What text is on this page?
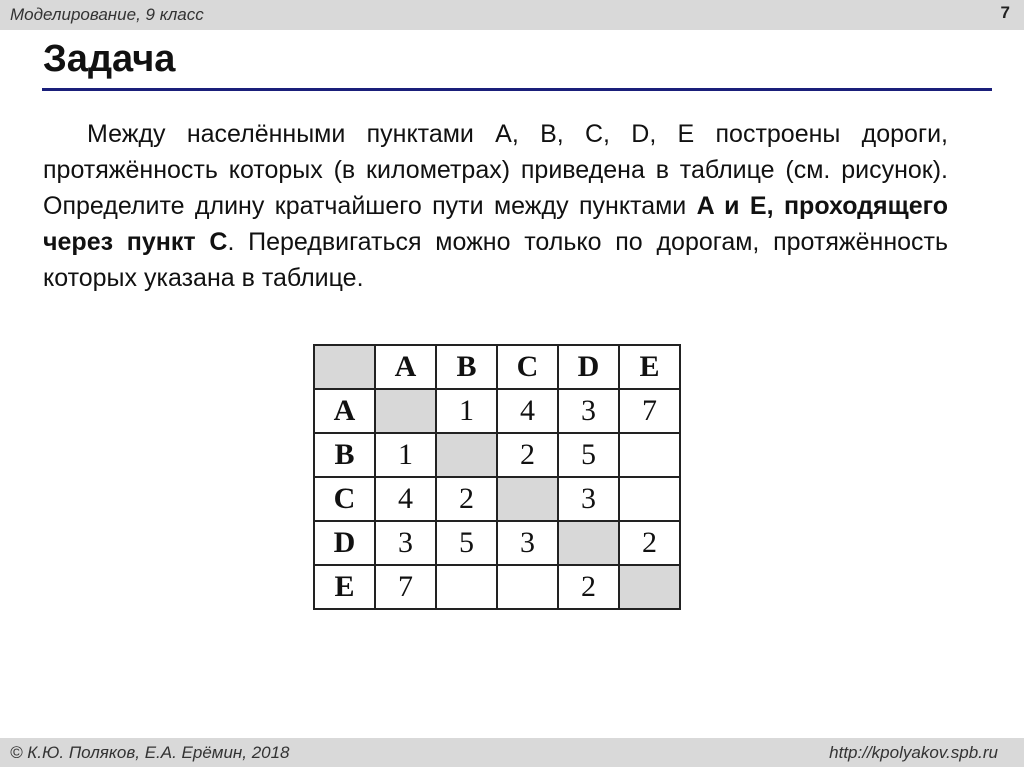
Моделирование, 9 класс	7
Задача

Между населёнными пунктами A, B, C, D, E построены дороги, протяжённость которых (в километрах) приведена в таблице (см. рисунок). Определите длину кратчайшего пути между пунктами A и E, проходящего через пункт C. Передвигаться можно только по дорогам, протяжённость которых указана в таблице.

	A	B	C	D	E
A		1	4	3	7
B	1		2	5	
C	4	2		3	
D	3	5	3		2
E	7			2	
© К.Ю. Поляков, Е.А. Ерёмин, 2018	http://kpolyakov.spb.ru
